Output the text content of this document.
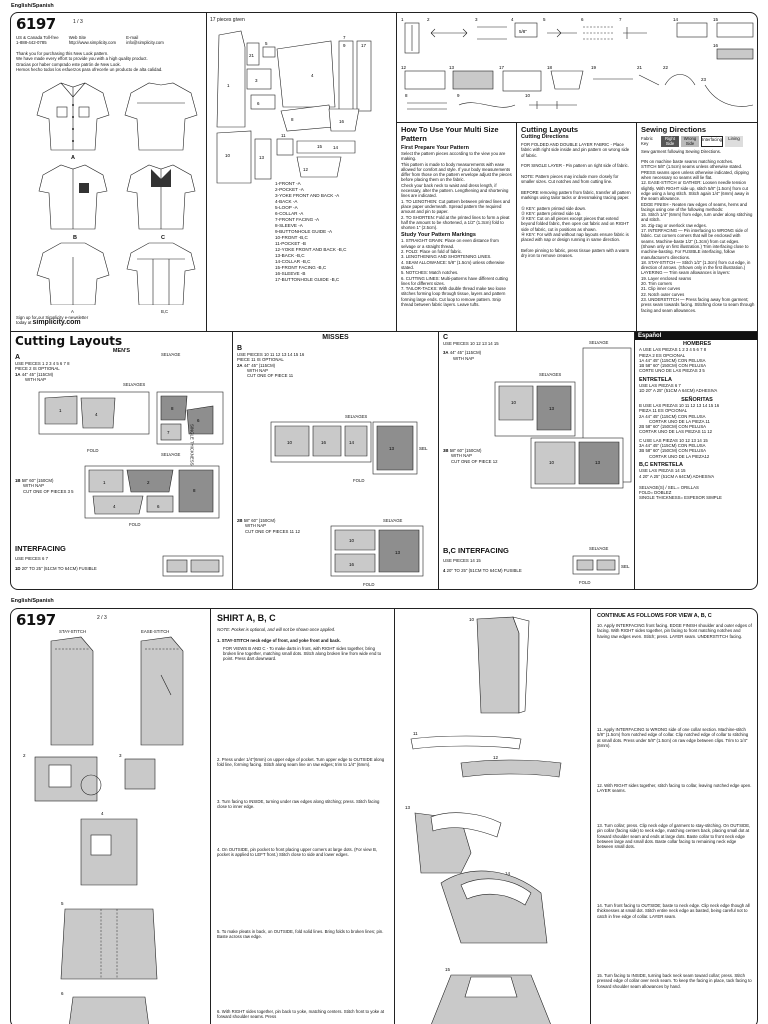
English/Spanish
6197	1 / 3
US & Canada Toll-free
1-888-442-0785
Web Site
http://www.simplicity.com
E-mail
info@simplicity.com
Thank you for purchasing this New Look pattern.
We have made every effort to provide you with a high quality product.
Gracias por haber comprado este patrón de New Look.
Hemos hecho todos los esfuerzos para ofrecerle un producto de alta calidad.
A
B	C
A	B,C
Sign up for our Simplicity e-newsletter
today at simplicity.com
17 pieces given
1
21
5
3
4
9	17
7
6
8	16
10	13
11
14
15
12
1-FRONT -A
2-POCKET -A
3-YOKE FRONT AND BACK -A
4-BACK -A
5-LOOP -A
6-COLLAR -A
7-FRONT FACING -A
8-SLEEVE -A
9-BUTTONHOLE GUIDE -A
10-FRONT -B,C
11-POCKET -B
12-YOKE FRONT AND BACK -B,C
13-BACK -B,C
14-COLLAR -B,C
15-FRONT FACING -B,C
16-SLEEVE -B
17-BUTTONHOLE GUIDE -B,C
1	2	3	4
5/8"
5	6	7
12	13	17	18	19	21	22
14	15
16
23
8	9	10
How To Use Your Multi Size Pattern
First Prepare Your Pattern

Select the pattern pieces according to the view you are making.

This pattern is made to body measurements with ease allowed for comfort and style. If your body measurements differ from those on the pattern envelope adjust the pieces before placing them on the fabric.

Check your back neck to waist and dress length, if necessary, alter the pattern. Lengthening and shortening lines are indicated.

1. TO LENGTHEN: Cut pattern between printed lines and place paper underneath. Spread pattern the required amount and pin to paper.

2. TO SHORTEN: Fold at the printed lines to form a pleat half the amount to be shortened, a 1/2" (1.3cm) fold to shorten 1" (2.5cm).

Study Your Pattern Markings

1. STRAIGHT GRAIN: Place on even distance from selvage or a straight thread.

2. FOLD: Place on fold of fabric.

3. LENGTHENING AND SHORTENING LINES.

4. SEAM ALLOWANCE: 5/8" (1.5cm) unless otherwise stated.

5. NOTCHES: Match notches.

6. CUTTING LINES: Multi-patterns have different cutting lines for different sizes.

7. TAILOR-TACKS: With double thread make two loose stitches forming loop through tissue, layers and pattern forming large ends. Cut loop to remove pattern. Snip thread between fabric layers. Leave tufts.

Cutting Layouts
Cutting Directions

FOR FOLDED AND DOUBLE LAYER FABRIC - Place fabric with right side inside and pin pattern on wrong side of fabric.

FOR SINGLE LAYER - Pin pattern on right side of fabric.

NOTE: Pattern pieces may include more closely for smaller sizes. Cut notches and from cutting line.

BEFORE removing pattern from fabric, transfer all pattern markings using tailor tacks or dressmaking tracing paper.

① KEY: pattern printed side down.

② KEY: pattern printed side Up.

③ KEY: Cut on all pieces except pieces that extend beyond folded fabric, then open out fabric and on RIGHT side of fabric, cut in positions as shown.

④ KEY: For with and without nap layouts ensure fabric is placed with nap or design running in same direction.

Before pinning to fabric, press tissue pattern with a warm dry iron to remove creases.

Sewing Directions
Fabric Key
Right Side
Wrong Side
Interfacing	Lining

Sew garment following Sewing Directions.

PIN on machine baste seams matching notches.

STITCH 5/8" (1.5cm) seams unless otherwise stated.

PRESS seams open unless otherwise indicated, clipping when necessary so seams will lie flat.

12. EASE-STITCH or GATHER: Loosen needle tension slightly. With RIGHT side up, stitch 5/8" (1.5cm) from cut edge using a long stitch. Stitch again 1/4" (6mm) away in the seam allowance.

EDGE FINISH - Neaten raw edges of seams, hems and facings using one of the following methods:

15. Stitch 1/4" (6mm) from edge, turn under along stitching and stitch.

16. Zig-zag or overlock raw edges.

17. INTERFACING — Pin interfacing to WRONG side of fabric. Cut corners corners that will be enclosed with seams. Machine-baste 1/2" (1.3cm) from cut edges. (Shown only on first illustration.) Trim interfacing close to machine-basting. For FUSIBLE interfacing, follow manufacturer's directions.

18. STAY-STITCH — Stitch 1/2" (1.3cm) from cut edge, in direction of arrows. (Shown only in the first illustration.)

LAYERING — Trim seam allowances in layers:

19. Layer enclosed seams

20. Trim corners

21. Clip inner curves

22. Notch outer curves

23. UNDERSTITCH — Press facing away from garment; press seam towards facing. Stitching close to seam through facing and seam allowances.

Cutting Layouts
MEN'S
A
USE PIECES 1 2 3 4 5 6 7 8
PIECE 2 IS OPTIONAL
1A 44" 45" (115CM)
WITH NAP
SELVAGE
SELVAGES
1
4
8
6
7	SINGLE THICKNESS
FOLD
SELVAGE
1B 58" 60" (150CM)
WITH NAP
CUT ONE OF PIECES 3 5
1	2
8
4	6
FOLD
INTERFACING
USE PIECES 6 7
1D 20" TO 25" (51CM TO 64CM) FUSIBLE
MISSES
B
USE PIECES 10 11 12 13 14 15 16
PIECE 11 IS OPTIONAL
2A 44" 45" (115CM)
WITH NAP
CUT ONE OF PIECE 11
SELVAGES
10	16	14
13	SEL
FOLD
2B 58" 60" (150CM)
WITH NAP
CUT ONE OF PIECES 11 12
SELVAGE
10
13
16
FOLD
C
USE PIECES 10 12 13 14 15
3A 44" 45" (115CM)
WITH NAP
SELVAGE
SELVAGES
10
13
3B 58" 60" (150CM)
WITH NAP
CUT ONE OF PIECE 12	10	13
B,C INTERFACING
USE PIECES 14 15
4 20" TO 25" (51CM TO 64CM) FUSIBLE
SELVAGE
SEL
FOLD
Español
HOMBRES
A USE LAS PIEZAS 1 2 3 4 5 6 7 8
PIEZA 2 ES OPCIONAL
1A 44" 45" (115CM) CON PELUSA
1B 58" 60" (150CM) CON PELUSA
CORTE UNO DE LAS PIEZAS 3 5
ENTRETELA
USE LAS PIEZAS 6 7
1D 20" A 25" (51CM A 64CM) ADHESIVA
SEÑORITAS
B USE LAS PIEZAS 10 11 12 13 14 15 16
PIEZA 11 ES OPCIONAL
2A 44" 45" (115CM) CON PELUSA
CORTAR UNO DE LA PIEZA 11
2B 58" 60" (150CM) CON PELUSA
CORTAR UNO DE LAS PIEZAS 11 12
C USE LAS PIEZAS 10 12 13 14 15
3A 44" 45" (115CM) CON PELUSA
3B 58" 60" (150CM) CON PELUSA
CORTAR UNO DE LA PIEZA12
B,C ENTRETELA
USE LAS PIEZAS 14 15
4 20" A 25" (51CM A 64CM) ADHESIVA
SELVAGE(S) / SEL.= ORILLAS
FOLD= DOBLEZ
SINGLE THICKNESS= ESPESOR SIMPLE
English/Spanish
6197	2 / 3
STAY-STITCH	EASE-STITCH
2	3
4
5
6
SHIRT A, B, C
NOTE: Pocket is optional, and will not be shown once applied.
1. STAY-STITCH neck edge of front, and yoke front and back.
FOR VIEWS B AND C - To make darts in front, with RIGHT sides together, bring broken line together, matching small dots. Stitch along broken line from wide end to point. Press dart downward.
2. Press under 1/4"(6mm) on upper edge of pocket. Turn upper edge to OUTSIDE along fold line, forming facing. Stitch along seam line on raw edges; trim to 1/4" (6mm).
3. Turn facing to INSIDE, turning under raw edges along stitching; press. Stitch facing close to inner edge.
4. On OUTSIDE, pin pocket to front placing upper corners at large dots. (For view B, pocket is applied to LEFT front.) Stitch close to side and lower edges.
5. To make pleats in back, on OUTSIDE, fold solid lines. Bring folds to broken lines; pin. Baste across raw edge.
6. With RIGHT sides together, pin back to yoke, matching centers. Stitch front to yoke at forward shoulder seams. Press
10
11
12
13
14
15
CONTINUE AS FOLLOWS FOR VIEW A, B, C
10. Apply INTERFACING front facing. EDGE FINISH shoulder and outer edges of facing. With RIGHT sides together, pin facing to front matching notches and having raw edges even. Stitch; press. LAYER seam. UNDERSTITCH facing.
11. Apply INTERFACING to WRONG side of one collar section. Machine-stitch 5/8" (1.5cm) from notched edge of collar. Clip notched edge of collar to stitching at small dots. Press under 5/8" (1.5cm) on raw edge between clips. Trim to 1/4" (6mm).
12. With RIGHT sides together, stitch facing to collar, leaving notched edge open. LAYER seams.
13. Turn collar; press. Clip neck edge of garment to stay-stitching. On OUTSIDE, pin collar (facing side) to neck edge, matching centers back, placing small dot at forward shoulder seam and ends at large dots. Baste collar to front neck edge between large and small dots. Baste collar facing to remaining neck edge between small dots.
14. Turn front facing to OUTSIDE; baste to neck edge. Clip neck edge though all thicknesses at small dot. Stitch entire neck edge as basted, being careful not to catch in free edge of collar. LAYER seam.
15. Turn facing to INSIDE, turning back neck seam toward collar; press. Stitch pressed edge of collar over neck seam. To keep the facing in place, tack facing to forward shoulder seam allowances by hand.
